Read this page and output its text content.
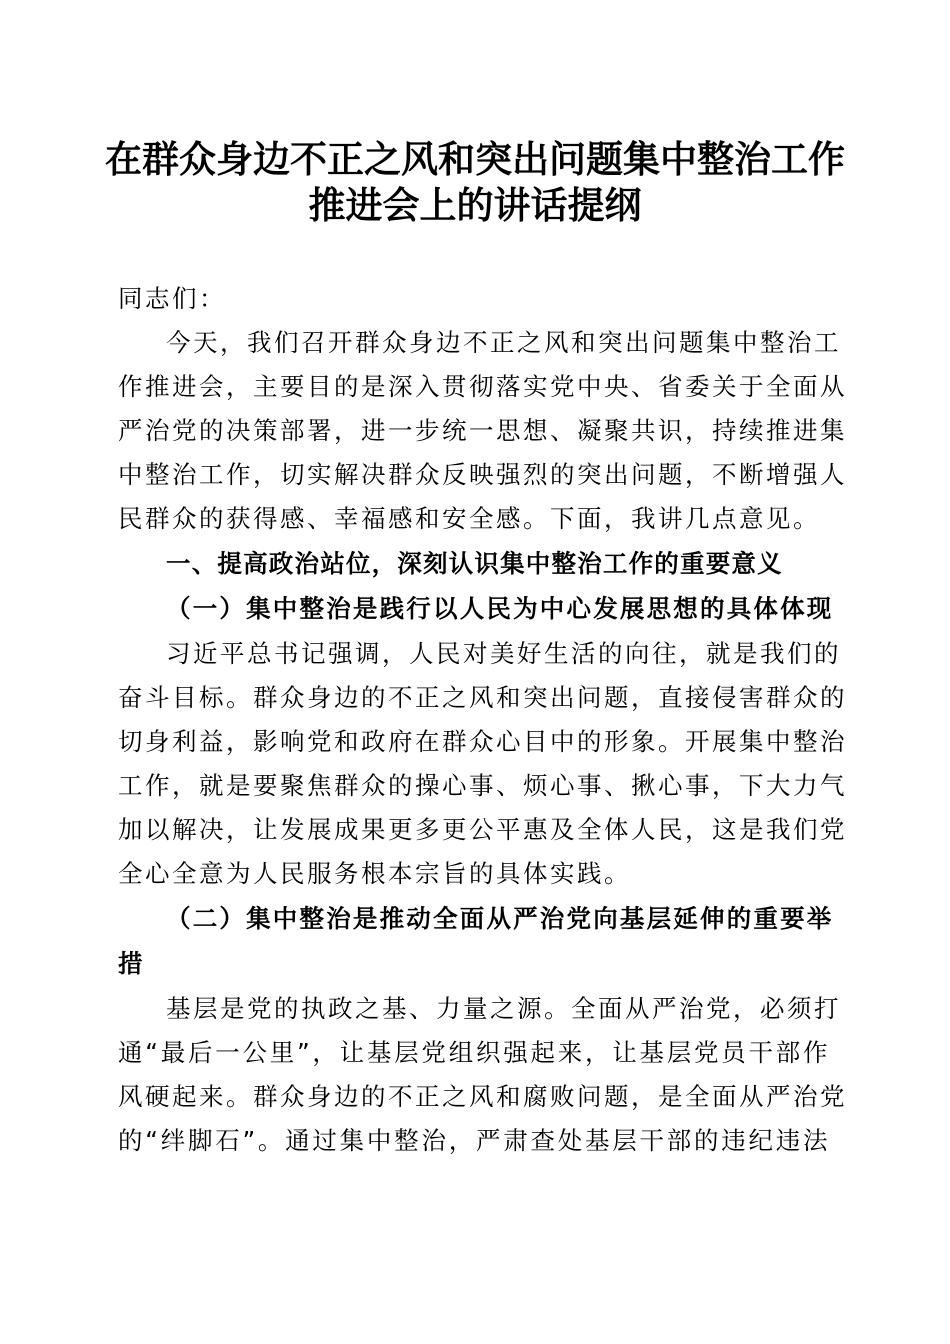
在群众身边不正之风和突出问题集中整治工作
推进会上的讲话提纲
同志们：
今天，我们召开群众身边不正之风和突出问题集中整治工
作推进会，主要目的是深入贯彻落实党中央、省委关于全面从
严治党的决策部署，进一步统一思想、凝聚共识，持续推进集
中整治工作，切实解决群众反映强烈的突出问题，不断增强人
民群众的获得感、幸福感和安全感。下面，我讲几点意见。
一、提高政治站位，深刻认识集中整治工作的重要意义
（一）集中整治是践行以人民为中心发展思想的具体体现
习近平总书记强调，人民对美好生活的向往，就是我们的
奋斗目标。群众身边的不正之风和突出问题，直接侵害群众的
切身利益，影响党和政府在群众心目中的形象。开展集中整治
工作，就是要聚焦群众的操心事、烦心事、揪心事，下大力气
加以解决，让发展成果更多更公平惠及全体人民，这是我们党
全心全意为人民服务根本宗旨的具体实践。
（二）集中整治是推动全面从严治党向基层延伸的重要举
措
基层是党的执政之基、力量之源。全面从严治党，必须打
通“最后一公里”，让基层党组织强起来，让基层党员干部作
风硬起来。群众身边的不正之风和腐败问题，是全面从严治党
的“绊脚石”。通过集中整治，严肃查处基层干部的违纪违法
